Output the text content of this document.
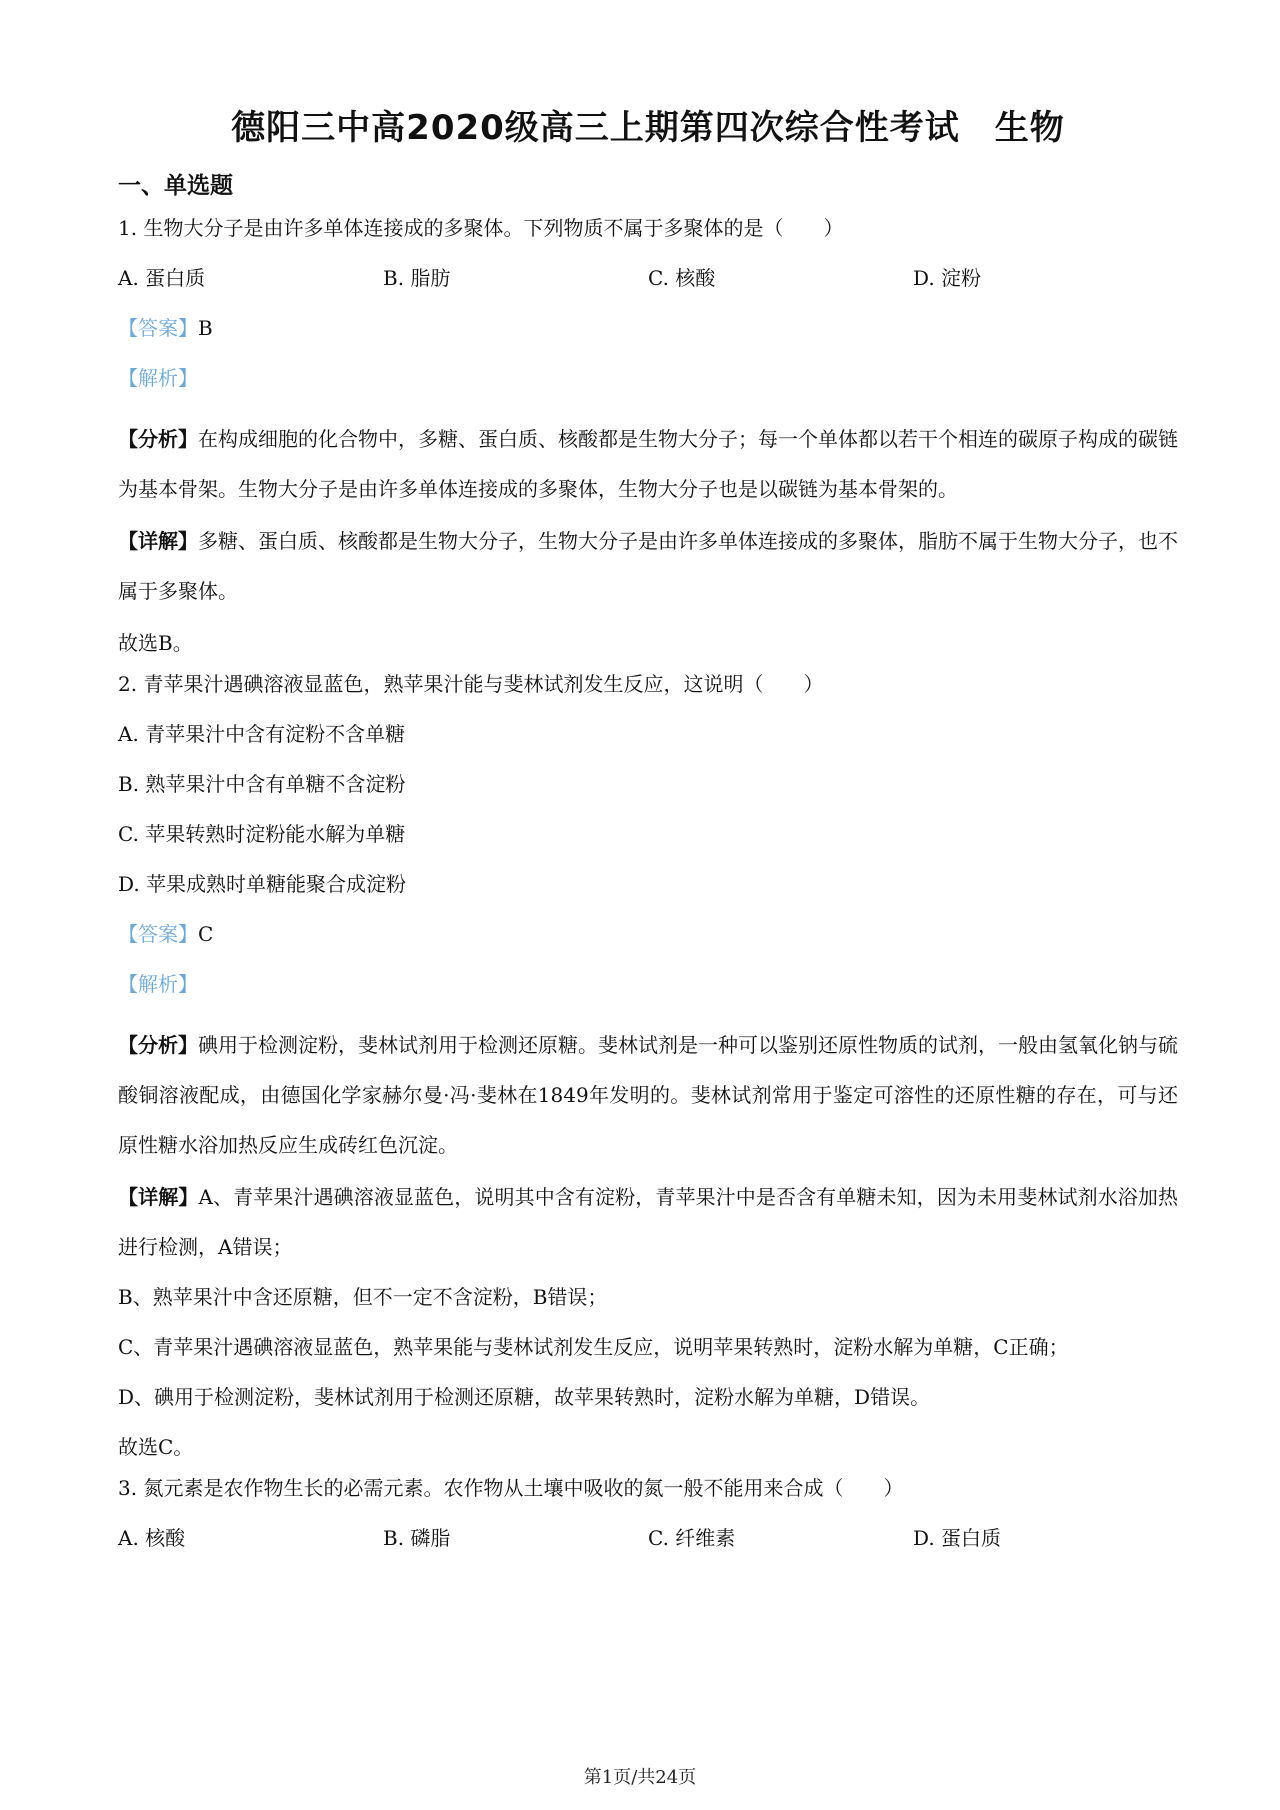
德阳三中高2020级高三上期第四次综合性考试　生物
一、单选题
1. 生物大分子是由许多单体连接成的多聚体。下列物质不属于多聚体的是（　　）
A. 蛋白质	B. 脂肪	C. 核酸	D. 淀粉
【答案】B
【解析】

【分析】在构成细胞的化合物中，多糖、蛋白质、核酸都是生物大分子；每一个单体都以若干个相连的碳原子构成的碳链为基本骨架。生物大分子是由许多单体连接成的多聚体，生物大分子也是以碳链为基本骨架的。

【详解】多糖、蛋白质、核酸都是生物大分子，生物大分子是由许多单体连接成的多聚体，脂肪不属于生物大分子，也不属于多聚体。

故选B。

2. 青苹果汁遇碘溶液显蓝色，熟苹果汁能与斐林试剂发生反应，这说明（　　）
A. 青苹果汁中含有淀粉不含单糖
B. 熟苹果汁中含有单糖不含淀粉
C. 苹果转熟时淀粉能水解为单糖
D. 苹果成熟时单糖能聚合成淀粉
【答案】C
【解析】

【分析】碘用于检测淀粉，斐林试剂用于检测还原糖。斐林试剂是一种可以鉴别还原性物质的试剂，一般由氢氧化钠与硫酸铜溶液配成，由德国化学家赫尔曼·冯·斐林在1849年发明的。斐林试剂常用于鉴定可溶性的还原性糖的存在，可与还原性糖水浴加热反应生成砖红色沉淀。

【详解】A、青苹果汁遇碘溶液显蓝色，说明其中含有淀粉，青苹果汁中是否含有单糖未知，因为未用斐林试剂水浴加热进行检测，A错误；

B、熟苹果汁中含还原糖，但不一定不含淀粉，B错误；

C、青苹果汁遇碘溶液显蓝色，熟苹果能与斐林试剂发生反应，说明苹果转熟时，淀粉水解为单糖，C正确；

D、碘用于检测淀粉，斐林试剂用于检测还原糖，故苹果转熟时，淀粉水解为单糖，D错误。

故选C。

3. 氮元素是农作物生长的必需元素。农作物从土壤中吸收的氮一般不能用来合成（　　）
A. 核酸	B. 磷脂	C. 纤维素	D. 蛋白质
第1页/共24页
